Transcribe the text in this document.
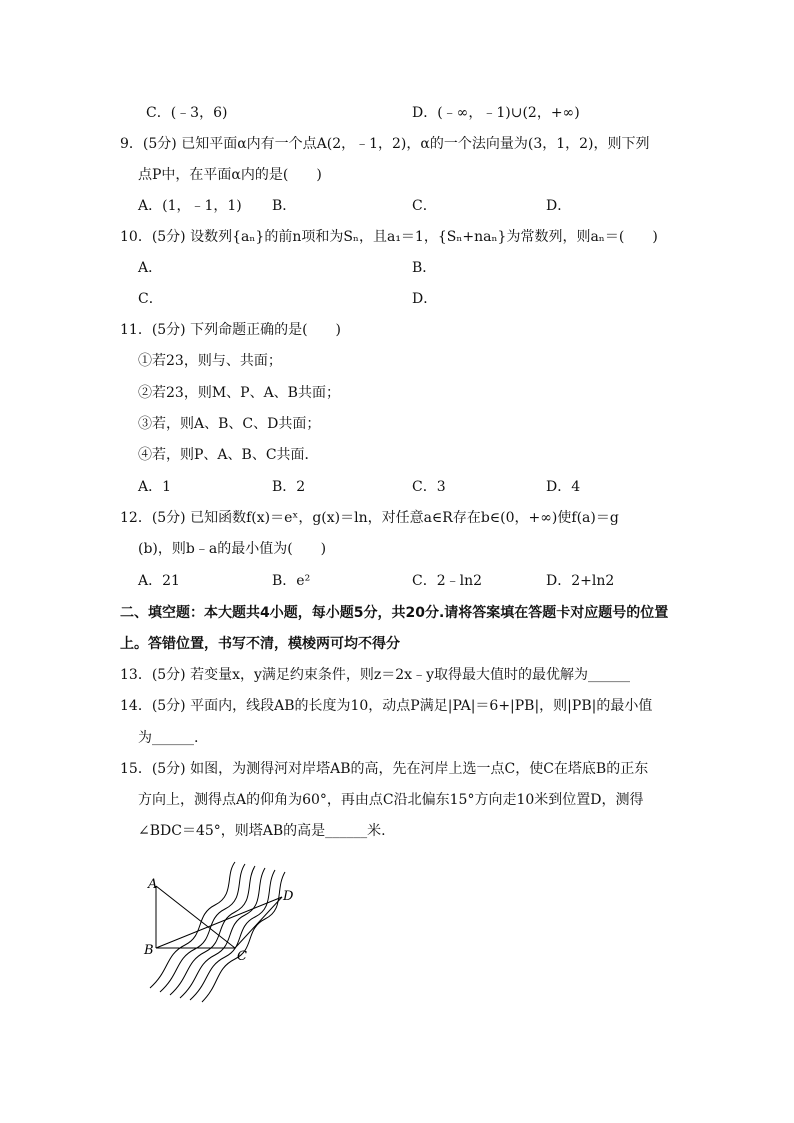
C．(﹣3，6)	D．(﹣∞，﹣1)∪(2，+∞)
9．(5分) 已知平面α内有一个点A(2，﹣1，2)，α的一个法向量为(3，1，2)，则下列
点P中，在平面α内的是(　　)
A．(1，﹣1，1) B．	C．	D．
10．(5分) 设数列{aₙ}的前n项和为Sₙ，且a₁＝1，{Sₙ+naₙ}为常数列，则aₙ＝(　　)
A．	B．
C．	D．
11．(5分) 下列命题正确的是(　　)
①若23，则与、共面；
②若23，则M、P、A、B共面；
③若，则A、B、C、D共面；
④若，则P、A、B、C共面．
A．1	B．2	C．3	D．4
12．(5分) 已知函数f(x)＝eˣ，g(x)＝ln，对任意a∈R存在b∈(0，+∞)使f(a)＝g
(b)，则b﹣a的最小值为(　　)
A．21	B．e²	C．2﹣ln2	D．2+ln2
二、填空题：本大题共4小题，每小题5分，共20分.请将答案填在答题卡对应题号的位置
上。答错位置，书写不清，模棱两可均不得分
13．(5分) 若变量x，y满足约束条件，则z＝2x﹣y取得最大值时的最优解为______
14．(5分) 平面内，线段AB的长度为10，动点P满足|PA|＝6+|PB|，则|PB|的最小值
为______.
15．(5分) 如图，为测得河对岸塔AB的高，先在河岸上选一点C，使C在塔底B的正东
方向上，测得点A的仰角为60°，再由点C沿北偏东15°方向走10米到位置D，测得
∠BDC＝45°，则塔AB的高是______米.
A
B	C
D
